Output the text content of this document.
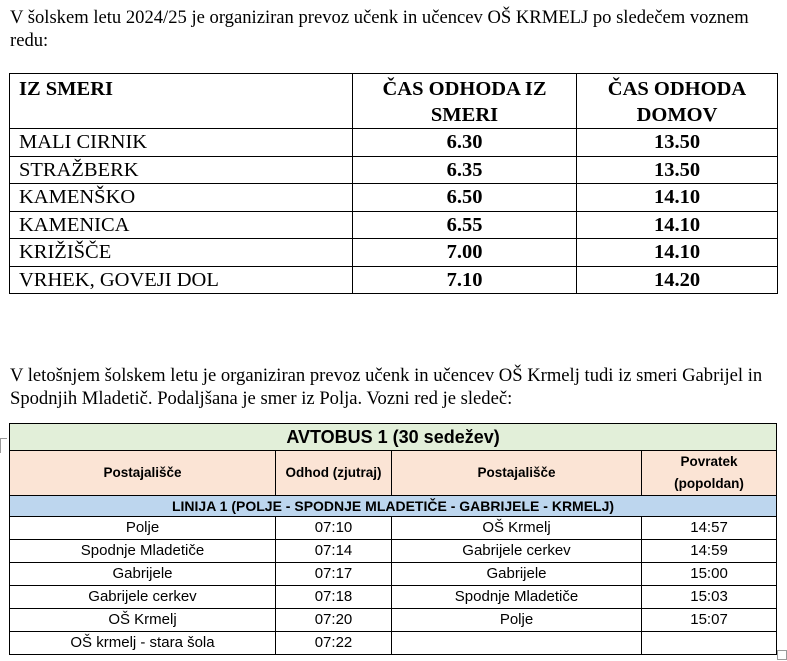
V šolskem letu 2024/25 je organiziran prevoz učenk in učencev OŠ KRMELJ po sledečem voznem redu:

IZ SMERI	ČAS ODHODA IZ SMERI	ČAS ODHODA DOMOV
MALI CIRNIK	6.30	13.50
STRAŽBERK	6.35	13.50
KAMENŠKO	6.50	14.10
KAMENICA	6.55	14.10
KRIŽIŠČE	7.00	14.10
VRHEK, GOVEJI DOL	7.10	14.20

V letošnjem šolskem letu je organiziran prevoz učenk in učencev OŠ Krmelj tudi iz smeri Gabrijel in Spodnjih Mladetič. Podaljšana je smer iz Polja. Vozni red je sledeč:

AVTOBUS 1 (30 sedežev)			
Postajališče	Odhod (zjutraj)	Postajališče	Povratek (popoldan)
LINIJA 1 (POLJE - SPODNJE MLADETIČE - GABRIJELE - KRMELJ)			
Polje	07:10	OŠ Krmelj	14:57
Spodnje Mladetiče	07:14	Gabrijele cerkev	14:59
Gabrijele	07:17	Gabrijele	15:00
Gabrijele cerkev	07:18	Spodnje Mladetiče	15:03
OŠ Krmelj	07:20	Polje	15:07
OŠ krmelj - stara šola	07:22		
